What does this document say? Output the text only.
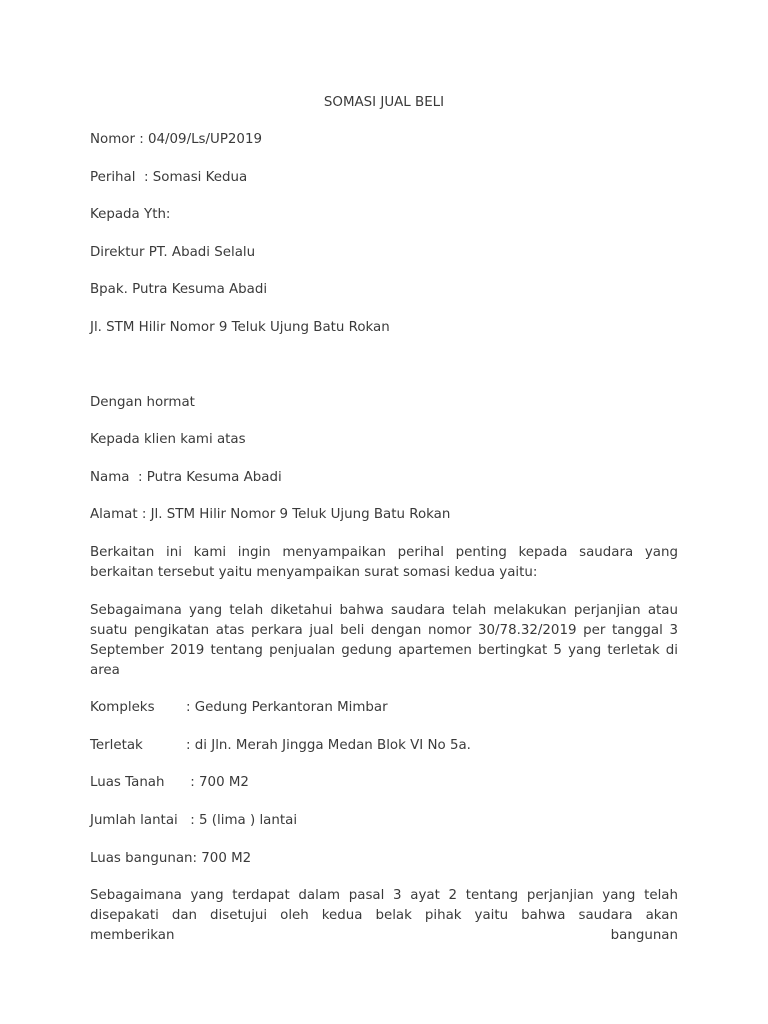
SOMASI JUAL BELI
Nomor : 04/09/Ls/UP2019
Perihal  : Somasi Kedua
Kepada Yth:
Direktur PT. Abadi Selalu
Bpak. Putra Kesuma Abadi
Jl. STM Hilir Nomor 9 Teluk Ujung Batu Rokan
Dengan hormat
Kepada klien kami atas
Nama  : Putra Kesuma Abadi
Alamat : Jl. STM Hilir Nomor 9 Teluk Ujung Batu Rokan

Berkaitan ini kami ingin menyampaikan perihal penting kepada saudara yang berkaitan tersebut yaitu menyampaikan surat somasi kedua yaitu:

Sebagaimana yang telah diketahui bahwa saudara telah melakukan perjanjian atau suatu pengikatan atas perkara jual beli dengan nomor 30/78.32/2019 per tanggal 3 September 2019 tentang penjualan gedung apartemen bertingkat 5 yang terletak di area

Kompleks : Gedung Perkantoran Mimbar
Terletak	: di Jln. Merah Jingga Medan Blok VI No 5a.
Luas Tanah : 700 M2
Jumlah lantai : 5 (lima ) lantai
Luas bangunan: 700 M2

Sebagaimana yang terdapat dalam pasal 3 ayat 2 tentang perjanjian yang telah disepakati dan disetujui oleh kedua belak pihak yaitu bahwa saudara akan memberikan bangunan
